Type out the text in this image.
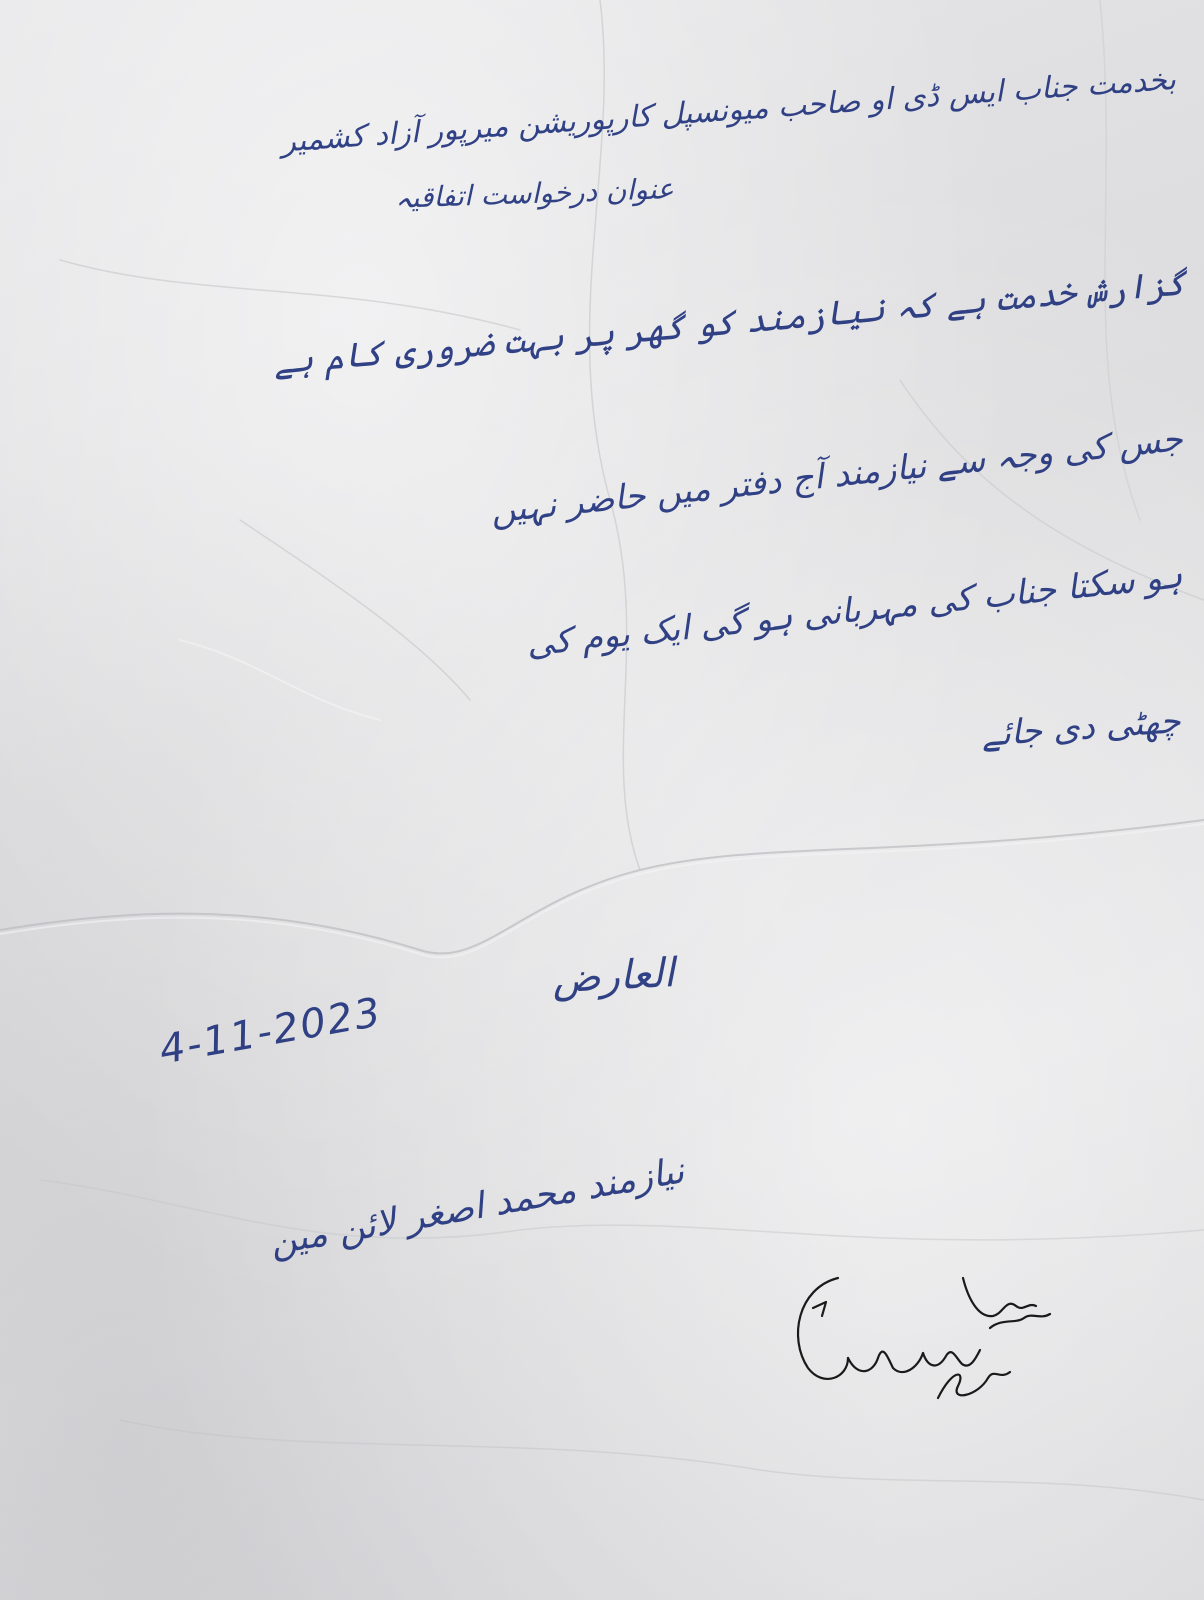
بخدمت جناب ایس ڈی او صاحب میونسپل کارپوریشن میرپور آزاد کشمیر

عنوان درخواست اتفاقیہ

گزارش خدمت ہے کہ نیازمند کو گھر پر بہت ضروری کام ہے

جس کی وجہ سے نیازمند آج دفتر میں حاضر نہیں

ہو سکتا جناب کی مہربانی ہو گی ایک یوم کی

چھٹی دی جائے

العارض

4-11-2023

نیازمند محمد اصغر لائن مین
